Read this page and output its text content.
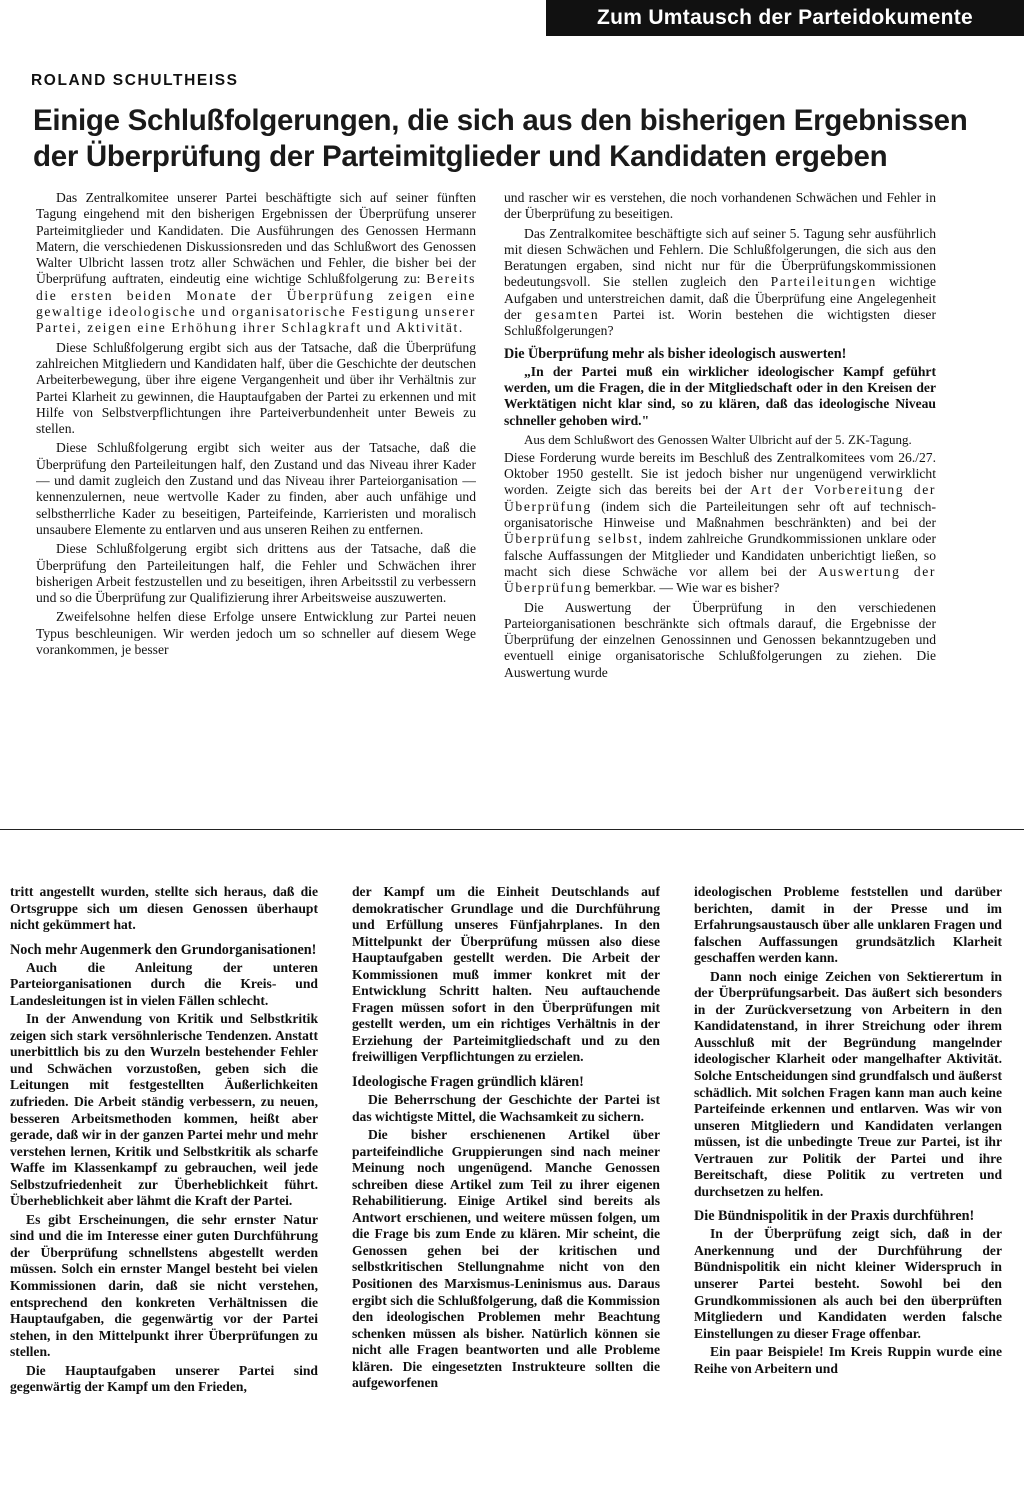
Zum Umtausch der Parteidokumente
ROLAND SCHULTHEISS
Einige Schlußfolgerungen, die sich aus den bisherigen Ergebnissen
der Überprüfung der Parteimitglieder und Kandidaten ergeben

Das Zentralkomitee unserer Partei beschäftigte sich auf seiner fünften Tagung eingehend mit den bisherigen Ergebnissen der Überprüfung unserer Parteimitglieder und Kandidaten. Die Ausführungen des Genossen Hermann Matern, die verschiedenen Diskussionsreden und das Schlußwort des Genossen Walter Ulbricht lassen trotz aller Schwächen und Fehler, die bisher bei der Überprüfung auftraten, eindeutig eine wichtige Schlußfolgerung zu: Bereits die ersten beiden Monate der Überprüfung zeigen eine gewaltige ideologische und organisatorische Festigung unserer Partei, zeigen eine Erhöhung ihrer Schlagkraft und Aktivität.

Diese Schlußfolgerung ergibt sich aus der Tatsache, daß die Überprüfung zahlreichen Mitgliedern und Kandidaten half, über die Geschichte der deutschen Arbeiterbewegung, über ihre eigene Vergangenheit und über ihr Verhältnis zur Partei Klarheit zu gewinnen, die Hauptaufgaben der Partei zu erkennen und mit Hilfe von Selbstverpflichtungen ihre Parteiverbundenheit unter Beweis zu stellen.

Diese Schlußfolgerung ergibt sich weiter aus der Tatsache, daß die Überprüfung den Parteileitungen half, den Zustand und das Niveau ihrer Kader — und damit zugleich den Zustand und das Niveau ihrer Parteiorganisation — kennenzulernen, neue wertvolle Kader zu finden, aber auch unfähige und selbstherrliche Kader zu beseitigen, Parteifeinde, Karrieristen und moralisch unsaubere Elemente zu entlarven und aus unseren Reihen zu entfernen.

Diese Schlußfolgerung ergibt sich drittens aus der Tatsache, daß die Überprüfung den Parteileitungen half, die Fehler und Schwächen ihrer bisherigen Arbeit festzustellen und zu beseitigen, ihren Arbeitsstil zu verbessern und so die Überprüfung zur Qualifizierung ihrer Arbeitsweise auszuwerten.

Zweifelsohne helfen diese Erfolge unsere Entwicklung zur Partei neuen Typus beschleunigen. Wir werden jedoch um so schneller auf diesem Wege vorankommen, je besser

und rascher wir es verstehen, die noch vorhandenen Schwächen und Fehler in der Überprüfung zu beseitigen.

Das Zentralkomitee beschäftigte sich auf seiner 5. Tagung sehr ausführlich mit diesen Schwächen und Fehlern. Die Schlußfolgerungen, die sich aus den Beratungen ergaben, sind nicht nur für die Überprüfungskommissionen bedeutungsvoll. Sie stellen zugleich den Parteileitungen wichtige Aufgaben und unterstreichen damit, daß die Überprüfung eine Angelegenheit der gesamten Partei ist. Worin bestehen die wichtigsten dieser Schlußfolgerungen?

Die Überprüfung mehr als bisher ideologisch auswerten!

„In der Partei muß ein wirklicher ideologischer Kampf geführt werden, um die Fragen, die in der Mitgliedschaft oder in den Kreisen der Werktätigen nicht klar sind, so zu klären, daß das ideologische Niveau schneller gehoben wird."

Aus dem Schlußwort des Genossen Walter Ulbricht auf der 5. ZK-Tagung.

Diese Forderung wurde bereits im Beschluß des Zentralkomitees vom 26./27. Oktober 1950 gestellt. Sie ist jedoch bisher nur ungenügend verwirklicht worden. Zeigte sich das bereits bei der Art der Vorbereitung der Überprüfung (indem sich die Parteileitungen sehr oft auf technisch-organisatorische Hinweise und Maßnahmen beschränkten) and bei der Überprüfung selbst, indem zahlreiche Grundkommissionen unklare oder falsche Auffassungen der Mitglieder und Kandidaten unberichtigt ließen, so macht sich diese Schwäche vor allem bei der Auswertung der Überprüfung bemerkbar. — Wie war es bisher?

Die Auswertung der Überprüfung in den verschiedenen Parteiorganisationen beschränkte sich oftmals darauf, die Ergebnisse der Überprüfung der einzelnen Genossinnen und Genossen bekanntzugeben und eventuell einige organisatorische Schlußfolgerungen zu ziehen. Die Auswertung wurde

tritt angestellt wurden, stellte sich heraus, daß die Ortsgruppe sich um diesen Genossen überhaupt nicht gekümmert hat.

Noch mehr Augenmerk den Grundorganisationen!

Auch die Anleitung der unteren Parteiorganisationen durch die Kreis- und Landesleitungen ist in vielen Fällen schlecht.

In der Anwendung von Kritik und Selbstkritik zeigen sich stark versöhnlerische Tendenzen. Anstatt unerbittlich bis zu den Wurzeln bestehender Fehler und Schwächen vorzustoßen, geben sich die Leitungen mit festgestellten Äußerlichkeiten zufrieden. Die Arbeit ständig verbessern, zu neuen, besseren Arbeitsmethoden kommen, heißt aber gerade, daß wir in der ganzen Partei mehr und mehr verstehen lernen, Kritik und Selbstkritik als scharfe Waffe im Klassenkampf zu gebrauchen, weil jede Selbstzufriedenheit zur Überheblichkeit führt. Überheblichkeit aber lähmt die Kraft der Partei.

Es gibt Erscheinungen, die sehr ernster Natur sind und die im Interesse einer guten Durchführung der Überprüfung schnellstens abgestellt werden müssen. Solch ein ernster Mangel besteht bei vielen Kommissionen darin, daß sie nicht verstehen, entsprechend den konkreten Verhältnissen die Hauptaufgaben, die gegenwärtig vor der Partei stehen, in den Mittelpunkt ihrer Überprüfungen zu stellen.

Die Hauptaufgaben unserer Partei sind gegenwärtig der Kampf um den Frieden,

der Kampf um die Einheit Deutschlands auf demokratischer Grundlage und die Durchführung und Erfüllung unseres Fünfjahrplanes. In den Mittelpunkt der Überprüfung müssen also diese Hauptaufgaben gestellt werden. Die Arbeit der Kommissionen muß immer konkret mit der Entwicklung Schritt halten. Neu auftauchende Fragen müssen sofort in den Überprüfungen mit gestellt werden, um ein richtiges Verhältnis in der Erziehung der Parteimitgliedschaft und zu den freiwilligen Verpflichtungen zu erzielen.

Ideologische Fragen gründlich klären!

Die Beherrschung der Geschichte der Partei ist das wichtigste Mittel, die Wachsamkeit zu sichern.

Die bisher erschienenen Artikel über parteifeindliche Gruppierungen sind nach meiner Meinung noch ungenügend. Manche Genossen schreiben diese Artikel zum Teil zu ihrer eigenen Rehabilitierung. Einige Artikel sind bereits als Antwort erschienen, und weitere müssen folgen, um die Frage bis zum Ende zu klären. Mir scheint, die Genossen gehen bei der kritischen und selbstkritischen Stellungnahme nicht von den Positionen des Marxismus-Leninismus aus. Daraus ergibt sich die Schlußfolgerung, daß die Kommission den ideologischen Problemen mehr Beachtung schenken müssen als bisher. Natürlich können sie nicht alle Fragen beantworten und alle Probleme klären. Die eingesetzten Instrukteure sollten die aufgeworfenen

ideologischen Probleme feststellen und darüber berichten, damit in der Presse und im Erfahrungsaustausch über alle unklaren Fragen und falschen Auffassungen grundsätzlich Klarheit geschaffen werden kann.

Dann noch einige Zeichen von Sektierertum in der Überprüfungsarbeit. Das äußert sich besonders in der Zurückversetzung von Arbeitern in den Kandidatenstand, in ihrer Streichung oder ihrem Ausschluß mit der Begründung mangelnder ideologischer Klarheit oder mangelhafter Aktivität. Solche Entscheidungen sind grundfalsch und äußerst schädlich. Mit solchen Fragen kann man auch keine Parteifeinde erkennen und entlarven. Was wir von unseren Mitgliedern und Kandidaten verlangen müssen, ist die unbedingte Treue zur Partei, ist ihr Vertrauen zur Politik der Partei und ihre Bereitschaft, diese Politik zu vertreten und durchsetzen zu helfen.

Die Bündnispolitik in der Praxis durchführen!

In der Überprüfung zeigt sich, daß in der Anerkennung und der Durchführung der Bündnispolitik ein nicht kleiner Widerspruch in unserer Partei besteht. Sowohl bei den Grundkommissionen als auch bei den überprüften Mitgliedern und Kandidaten werden falsche Einstellungen zu dieser Frage offenbar.

Ein paar Beispiele! Im Kreis Ruppin wurde eine Reihe von Arbeitern und
